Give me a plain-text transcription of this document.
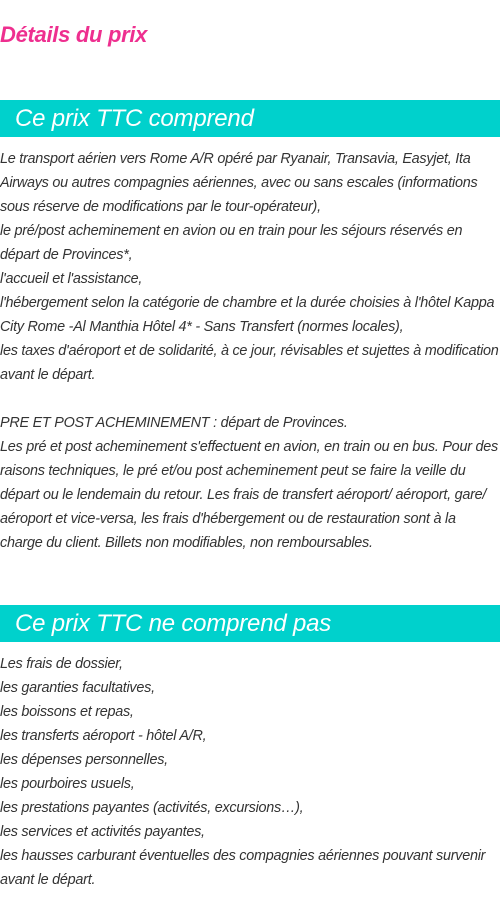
Détails du prix
Ce prix TTC comprend
Le transport aérien vers Rome A/R opéré par Ryanair, Transavia, Easyjet, Ita Airways ou autres compagnies aériennes, avec ou sans escales (informations sous réserve de modifications par le tour-opérateur),
le pré/post acheminement en avion ou en train pour les séjours réservés en départ de Provinces*,
l'accueil et l'assistance,
l'hébergement selon la catégorie de chambre et la durée choisies à l'hôtel Kappa City Rome -Al Manthia Hôtel 4* - Sans Transfert (normes locales),
les taxes d'aéroport et de solidarité, à ce jour, révisables et sujettes à modification avant le départ.
PRE ET POST ACHEMINEMENT : départ de Provinces.
Les pré et post acheminement s'effectuent en avion, en train ou en bus. Pour des raisons techniques, le pré et/ou post acheminement peut se faire la veille du départ ou le lendemain du retour. Les frais de transfert aéroport/ aéroport, gare/ aéroport et vice-versa, les frais d'hébergement ou de restauration sont à la charge du client. Billets non modifiables, non remboursables.
Ce prix TTC ne comprend pas
Les frais de dossier,
les garanties facultatives,
les boissons et repas,
les transferts aéroport - hôtel A/R,
les dépenses personnelles,
les pourboires usuels,
les prestations payantes (activités, excursions…),
les services et activités payantes,
les hausses carburant éventuelles des compagnies aériennes pouvant survenir avant le départ.
